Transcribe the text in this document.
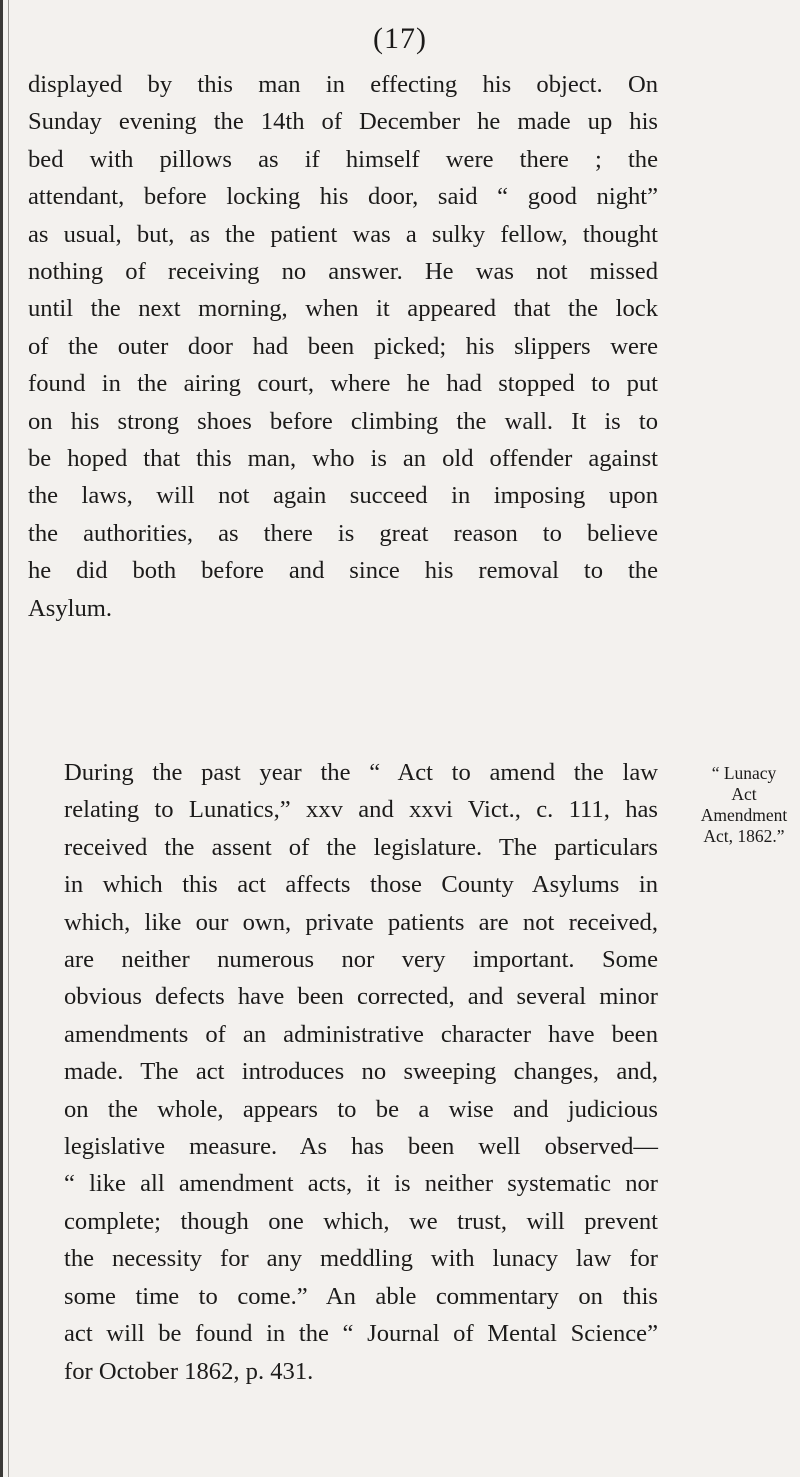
(17)
displayed by this man in effecting his object. On
Sunday evening the 14th of December he made up his
bed with pillows as if himself were there ; the
attendant, before locking his door, said “ good night”
as usual, but, as the patient was a sulky fellow, thought
nothing of receiving no answer. He was not missed
until the next morning, when it appeared that the lock
of the outer door had been picked; his slippers were
found in the airing court, where he had stopped to put
on his strong shoes before climbing the wall. It is to
be hoped that this man, who is an old offender against
the laws, will not again succeed in imposing upon
the authorities, as there is great reason to believe
he did both before and since his removal to the
Asylum.
During the past year the “ Act to amend the law
relating to Lunatics,” xxv and xxvi Vict., c. 111, has
received the assent of the legislature. The particulars
in which this act affects those County Asylums in
which, like our own, private patients are not received,
are neither numerous nor very important. Some
obvious defects have been corrected, and several minor
amendments of an administrative character have been
made. The act introduces no sweeping changes, and,
on the whole, appears to be a wise and judicious
legislative measure. As has been well observed—
“ like all amendment acts, it is neither systematic nor
complete; though one which, we trust, will prevent
the necessity for any meddling with lunacy law for
some time to come.” An able commentary on this
act will be found in the “ Journal of Mental Science”
for October 1862, p. 431.
“ Lunacy
Act
Amendment
Act, 1862.”
